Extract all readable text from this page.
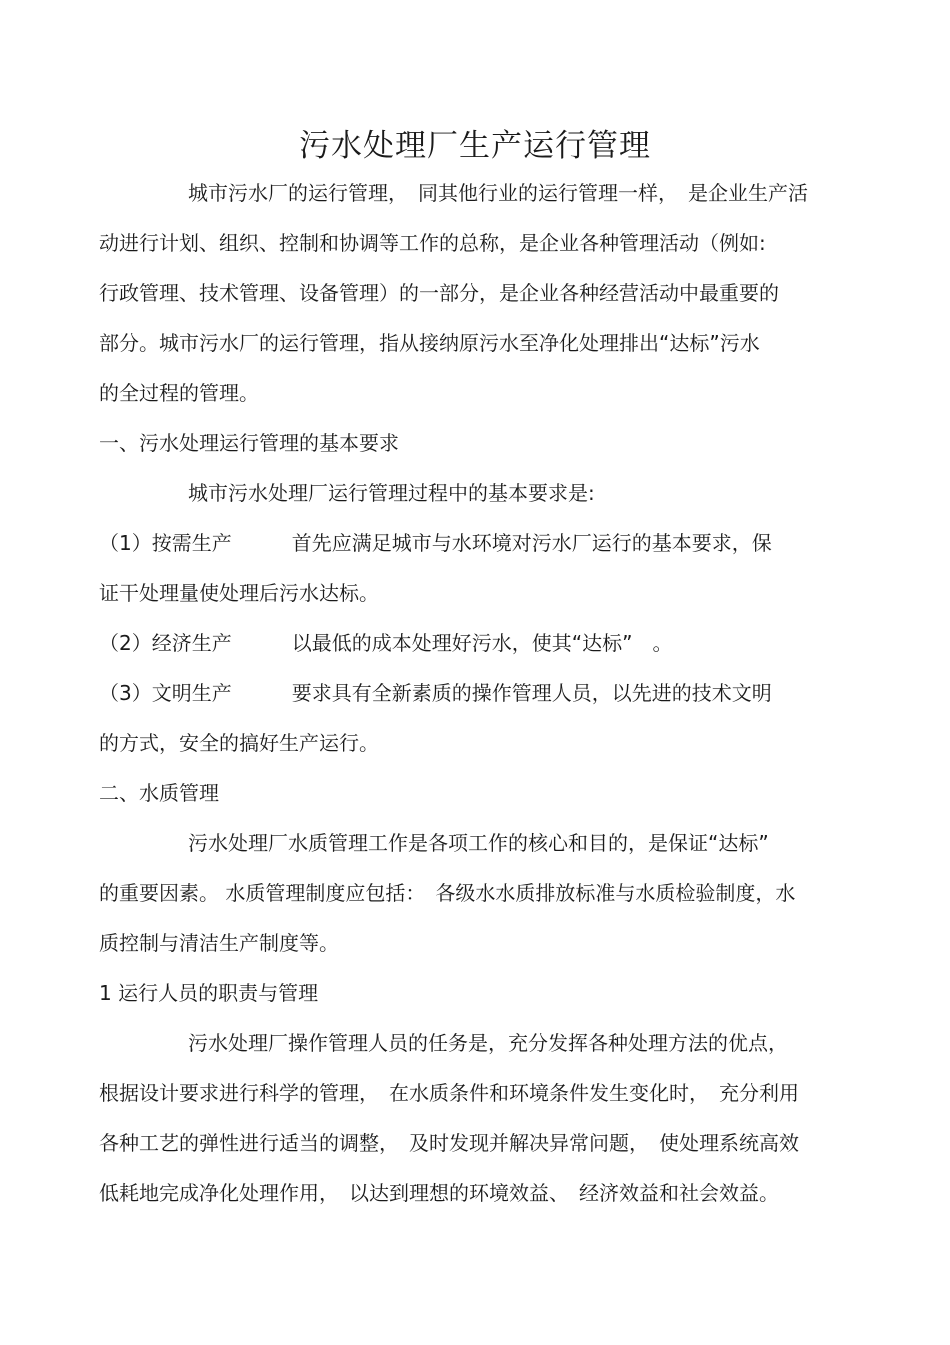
污水处理厂生产运行管理
城市污水厂的运行管理，　同其他行业的运行管理一样，　是企业生产活
动进行计划、组织、控制和协调等工作的总称，是企业各种管理活动（例如:
行政管理、技术管理、设备管理）的一部分，是企业各种经营活动中最重要的
部分。城市污水厂的运行管理，指从接纳原污水至净化处理排出“达标”污水
的全过程的管理。
一、污水处理运行管理的基本要求
城市污水处理厂运行管理过程中的基本要求是:
（1）按需生产　　　首先应满足城市与水环境对污水厂运行的基本要求，保
证干处理量使处理后污水达标。
（2）经济生产　　　以最低的成本处理好污水，使其“达标”　。
（3）文明生产　　　要求具有全新素质的操作管理人员，以先进的技术文明
的方式，安全的搞好生产运行。
二、水质管理
污水处理厂水质管理工作是各项工作的核心和目的，是保证“达标”
的重要因素。 水质管理制度应包括：　各级水水质排放标准与水质检验制度，水
质控制与清洁生产制度等。
1 运行人员的职责与管理
污水处理厂操作管理人员的任务是，充分发挥各种处理方法的优点，
根据设计要求进行科学的管理，　在水质条件和环境条件发生变化时，　充分利用
各种工艺的弹性进行适当的调整，　及时发现并解决异常问题，　使处理系统高效
低耗地完成净化处理作用，　以达到理想的环境效益、　经济效益和社会效益。
